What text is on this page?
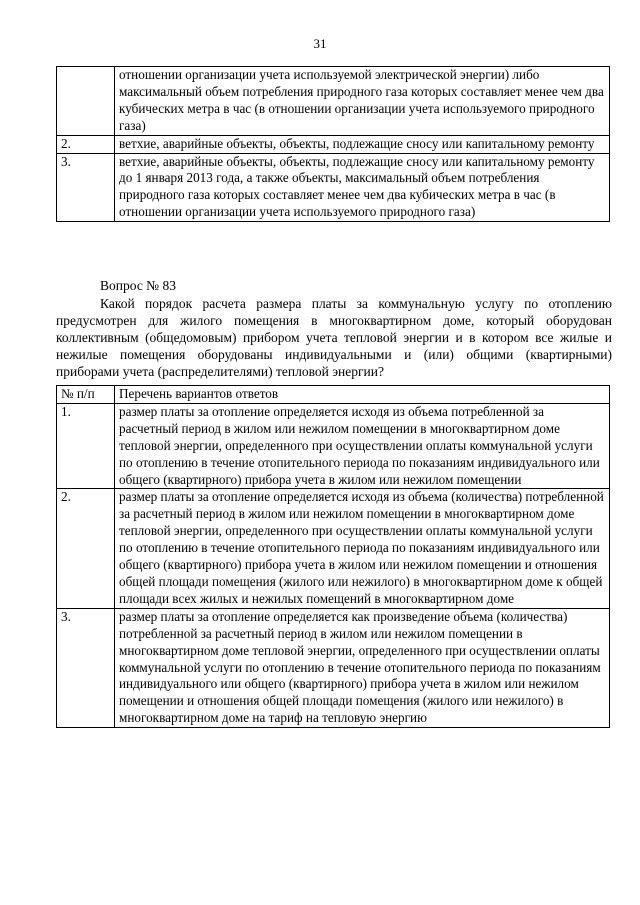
31
	отношении организации учета используемой электрической энергии) либо максимальный объем потребления природного газа которых составляет менее чем два кубических метра в час (в отношении организации учета используемого природного газа)
2.	ветхие, аварийные объекты, объекты, подлежащие сносу или капитальному ремонту
3.	ветхие, аварийные объекты, объекты, подлежащие сносу или капитальному ремонту до 1 января 2013 года, а также объекты, максимальный объем потребления природного газа которых составляет менее чем два кубических метра в час (в отношении организации учета используемого природного газа)
Вопрос № 83
Какой порядок расчета размера платы за коммунальную услугу по отоплению предусмотрен для жилого помещения в многоквартирном доме, который оборудован коллективным (общедомовым) прибором учета тепловой энергии и в котором все жилые и нежилые помещения оборудованы индивидуальными и (или) общими (квартирными) приборами учета (распределителями) тепловой энергии?
№ п/п	Перечень вариантов ответов
1.	размер платы за отопление определяется исходя из объема потребленной за расчетный период в жилом или нежилом помещении в многоквартирном доме тепловой энергии, определенного при осуществлении оплаты коммунальной услуги по отоплению в течение отопительного периода по показаниям индивидуального или общего (квартирного) прибора учета в жилом или нежилом помещении
2.	размер платы за отопление определяется исходя из объема (количества) потребленной за расчетный период в жилом или нежилом помещении в многоквартирном доме тепловой энергии, определенного при осуществлении оплаты коммунальной услуги по отоплению в течение отопительного периода по показаниям индивидуального или общего (квартирного) прибора учета в жилом или нежилом помещении и отношения общей площади помещения (жилого или нежилого) в многоквартирном доме к общей площади всех жилых и нежилых помещений в многоквартирном доме
3.	размер платы за отопление определяется как произведение объема (количества) потребленной за расчетный период в жилом или нежилом помещении в многоквартирном доме тепловой энергии, определенного при осуществлении оплаты коммунальной услуги по отоплению в течение отопительного периода по показаниям индивидуального или общего (квартирного) прибора учета в жилом или нежилом помещении и отношения общей площади помещения (жилого или нежилого) в многоквартирном доме на тариф на тепловую энергию
